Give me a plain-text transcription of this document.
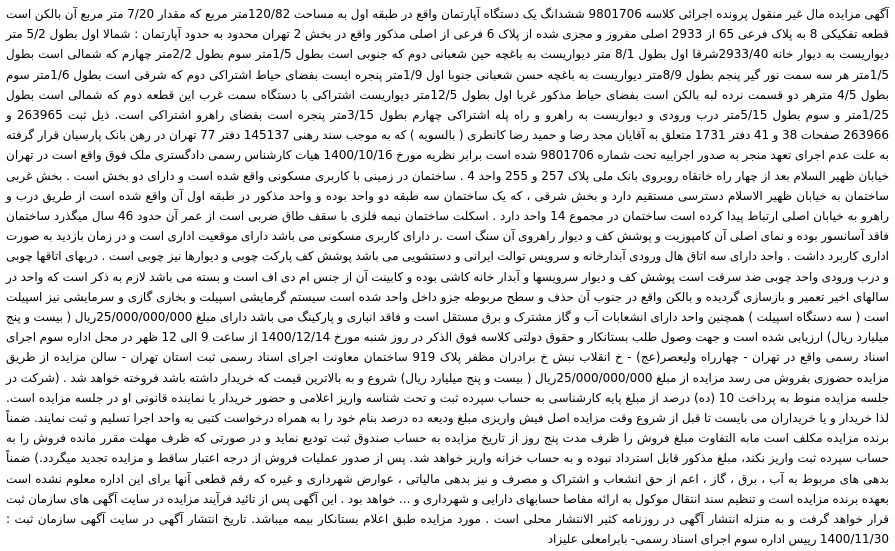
آگهی مزایده مال غیر منقول پرونده اجرائی کلاسه 9801706 ششدانگ یک دستگاه آپارتمان واقع در طبقه اول به مساحت 120/82متر مربع که مقدار 7/20 متر مربع آن بالکن است قطعه تفکیکی 8 به پلاک فرعی 65 از 2933 اصلی مفروز و مجزی شده از پلاک 6 فرعی از اصلی مذکور واقع در بخش 2 تهران محدود به حدود آپارتمان : شمالا اول بطول 5/2 متر دیواریست به دیوار خانه 2933/40شرقا اول بطول 8/1 متر دیواریست به باغچه حین شعبانی دوم که جنوبی است بطول 1/5متر سوم بطول 2/2متر چهارم که شمالی است بطول 1/5متر هر سه سمت نور گیر پنجم بطول 8/9متر دیواریست به باغچه حسن شعبانی جنوبا اول 1/9متر پنجره ایست بفضای حیاط اشتراکی دوم که شرقی است بطول 1/6متر سوم بطول 4/5 مترهر دو قسمت نرده لبه بالکن است بفضای حیاط مذکور غربا اول بطول 12/5متر دیواریست اشتراکی با دستگاه سمت غرب این قطعه دوم که شمالی است بطول 1/25متر و سوم بطول 5/15متر درب ورودی و دیواریست به راهرو و راه پله اشتراکی چهارم بطول 3/15متر پنجره است بفضای راهرو اشتراکی است. ذیل ثبت 263965 و 263966 صفحات 38 و 41 دفتر 1731 متعلق به آقایان مجد رضا و حمید رضا کانطری ( بالسویه ) که به موجب سند رهنی 145137 دفتر 77 تهران در رهن بانک پارسیان قرار گرفته به علت عدم اجرای تعهد منجر به صدور اجراییه تحت شماره 9801706 شده است برابر نظریه مورخ 1400/10/16 هیات کارشناس رسمی دادگستری ملک فوق واقع است در تهران خیابان ظهیر السلام بعد از چهار راه خانقاه روبروی بانک ملی پلاک 257 و 255 واحد 4 . ساختمان در زمینی با کاربری مسکونی واقع شده است و دارای دو بخش است . بخش غربی ساختمان به خیابان ظهیر الاسلام دسترسی مستقیم دارد و بخش شرقی ، که یک ساختمان سه طبقه دو واحد بوده و واحد مذکور در طبقه اول آن واقع شده است از طریق درب و راهرو به خیابان اصلی ارتباط پیدا کرده است ساختمان در مجموع 14 واحد دارد . اسکلت ساختمان نیمه فلزی با سقف طاق ضربی است از عمر آن حدود 46 سال میگذرد ساختمان فاقد آسانسور بوده و نمای اصلی آن کامپوزیت و پوشش کف و دیوار راهروی آن سنگ است .ر دارای کاربری مسکونی می باشد دارای موقعیت اداری است و در زمان بازدید به صورت اداری کاربرد داشت . واحد دارای سه اتاق هال ورودی آبدارخانه و سرویس توالت ایرانی و دستشویی می باشد پوشش کف پارکت چوبی و دیوارها نیز چوبی است . دربهای اتاقها چوبی و درب ورودی واحد چوبی ضد سرقت است پوشش کف و دیوار سرویسها و آبدار خانه کاشی بوده و کابینت آن از جنس ام دی اف است و بسته می باشد لازم به ذکر است که واحد در سالهای اخیر تعمیر و بازسازی گردیده و بالکن واقع در جنوب آن حذف و سطح مربوطه جزو داخل واحد شده است سیستم گرمایشی اسپیلت و بخاری گازی و سرمایشی نیز اسپیلت است ( سه دستگاه اسپیلت ) همچنین واحد دارای انشعابات آب و گاز مشترک و برق مستقل است و فاقد انباری و پارکینگ می باشد دارای مبلغ 25/000/000/000ریال ( بیست و پنج میلیارد ریال) ارزیابی شده است و جهت وصول طلب بستانکار و حقوق دولتی کلاسه فوق الذکر در روز شنبه مورخ 1400/12/14 از ساعت 9 الی 12 ظهر در محل اداره سوم اجرای اسناد رسمی واقع در تهران - چهارراه ولیعصر(عج) - خ انقلاب نبش خ برادران مظفر پلاک 919 ساختمان معاونت اجرای اسناد رسمی ثبت استان تهران - سالن مزایده از طریق مزایده حضوری بفروش می رسد مزایده از مبلغ 25/000/000/000ریال ( بیست و پنج میلیارد ریال) شروع و به بالاترین قیمت که خریدار داشته باشد فروخته خواهد شد . (شرکت در جلسه مزایده منوط به پرداخت 10 (ده) درصد از مبلغ پایه کارشناسی به حساب سپرده ثبت و تحت شناسه واریز اعلامی و حضور خریدار یا نماینده قانونی او در جلسه مزایده است. لذا خریدار و یا خریداران می بایست تا قبل از شروع وقت مزایده اصل فیش واریزی مبلغ ودیعه ده درصد بنام خود را به همراه درخواست کتبی به واحد اجرا تسلیم و ثبت نمایند. ضمناً برنده مزایده مکلف است مابه التفاوت مبلغ فروش را ظرف مدت پنج روز از تاریخ مزایده به حساب صندوق ثبت تودیع نماید و در صورتی که ظرف مهلت مقرر مانده فروش را به حساب سپرده ثبت واریز نکند، مبلغ مذکور قابل استرداد نبوده و به حساب خزانه واریز خواهد شد. پس از صدور عملیات فروش از درجه اعتبار ساقط و مزایده تجدید میگردد.) ضمناً بدهی های مربوط به آب ، برق ، گاز ، اعم از حق انشعاب و اشتراک و مصرف و نیز بدهی مالیاتی ، عوارض شهرداری و غیره که رقم قطعی آنها برای این اداره معلوم نشده است بعهده برنده مزایده است و تنظیم سند انتقال موکول به ارائه مفاصا حسابهای دارایی و شهرداری و ... خواهد بود . این آگهی پس از تائید فرآیند مزایده در سایت آگهی های سازمان ثبت قرار خواهد گرفت و به منزله انتشار آگهی در روزنامه کثیر الانتشار محلی است . مورد مزایده طبق اعلام بستانکار بیمه میباشد. تاریخ انتشار آگهی در سایت آگهی سازمان ثبت : 1400/11/30 رییس اداره سوم اجرای اسناد رسمی- بابرامعلی علیزاد
